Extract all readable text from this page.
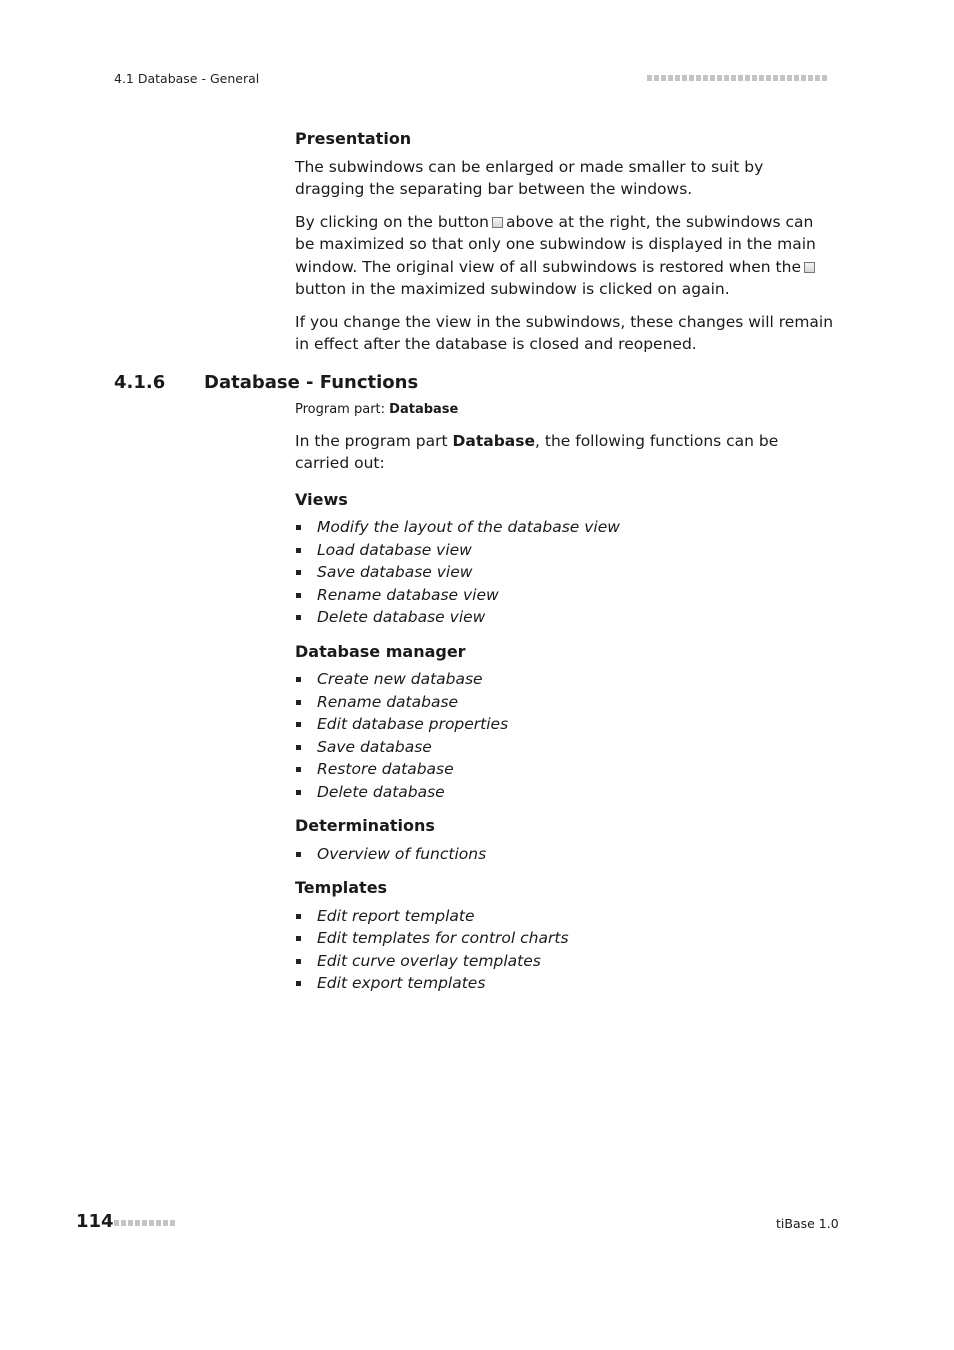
4.1 Database - General
Presentation

The subwindows can be enlarged or made smaller to suit by dragging the separating bar between the windows.

By clicking on the button above at the right, the subwindows can be maximized so that only one subwindow is displayed in the main window. The original view of all subwindows is restored when thebutton in the maximized subwindow is clicked on again.

If you change the view in the subwindows, these changes will remain in effect after the database is closed and reopened.

4.1.6 Database - Functions
Program part: Database

In the program part Database, the following functions can be carried out:

Views
Modify the layout of the database view
Load database view
Save database view
Rename database view
Delete database view
Database manager
Create new database
Rename database
Edit database properties
Save database
Restore database
Delete database
Determinations
Overview of functions
Templates
Edit report template
Edit templates for control charts
Edit curve overlay templates
Edit export templates
114	tiBase 1.0
